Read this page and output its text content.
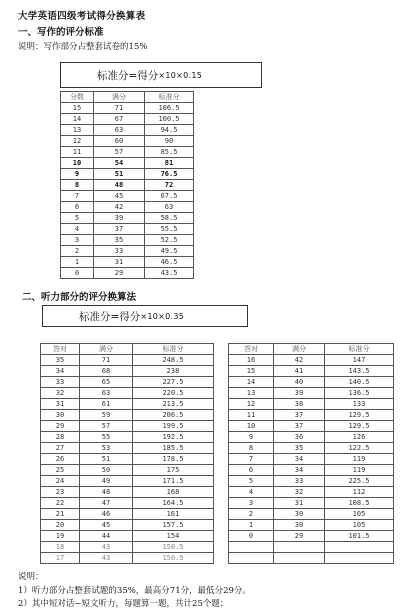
大学英语四级考试得分换算表
一、写作的评分标准
说明：写作部分占整套试卷的15%
标准分=得分 ×10×0.15
分数	满分	标准分
15	71	106.5
14	67	100.5
13	63	94.5
12	60	90
11	57	85.5
10	54	81
9	51	76.5
8	48	72
7	45	67.5
6	42	63
5	39	58.5
4	37	55.5
3	35	52.5
2	33	49.5
1	31	46.5
0	29	43.5
二、听力部分的评分换算法
标准分=得分 ×10×0.35
答对	满分	标准分		答对	满分	标准分
35	71	248.5		16	42	147
34	68	238		15	41	143.5
33	65	227.5		14	40	140.5
32	63	220.5		13	39	136.5
31	61	213.5		12	38	133
30	59	206.5		11	37	129.5
29	57	199.5		10	37	129.5
28	55	192.5		9	36	126
27	53	185.5		8	35	122.5
26	51	178.5		7	34	119
25	50	175		6	34	119
24	49	171.5		5	33	225.5
23	48	168		4	32	112
22	47	164.5		3	31	108.5
21	46	161		2	30	105
20	45	157.5		1	30	105
19	44	154		0	29	101.5
18	43	150.5				
17	43	150.5				
说明：
1）听力部分占整套试题的35%，最高分71分，最低分29分。
2）其中短对话~短文听力，每题算一题，共计25个题；
